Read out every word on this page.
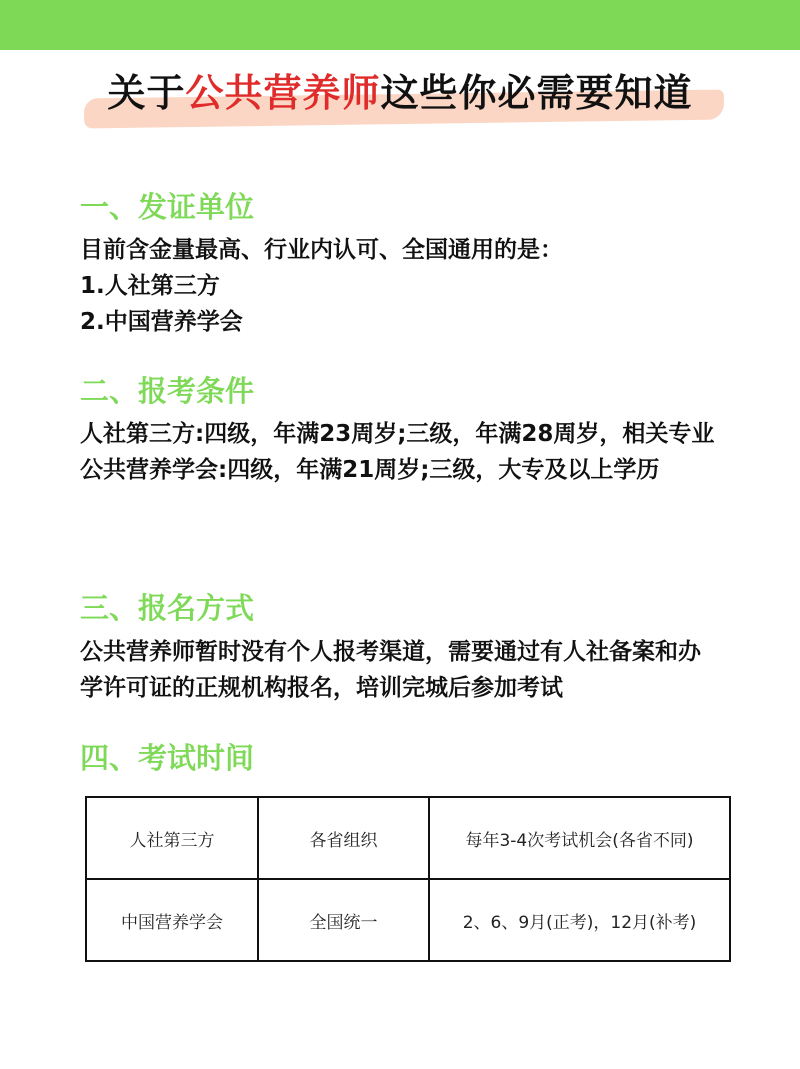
关于公共营养师这些你必需要知道
一、发证单位

目前含金量最高、行业内认可、全国通用的是：

1.人社第三方

2.中国营养学会

二、报考条件

人社第三方:四级，年满23周岁;三级，年满28周岁，相关专业

公共营养学会:四级，年满21周岁;三级，大专及以上学历

三、报名方式

公共营养师暂时没有个人报考渠道，需要通过有人社备案和办学许可证的正规机构报名，培训完城后参加考试

四、考试时间
人社第三方	各省组织	每年3-4次考试机会(各省不同)
中国营养学会	全国统一	2、6、9月(正考)，12月(补考)
